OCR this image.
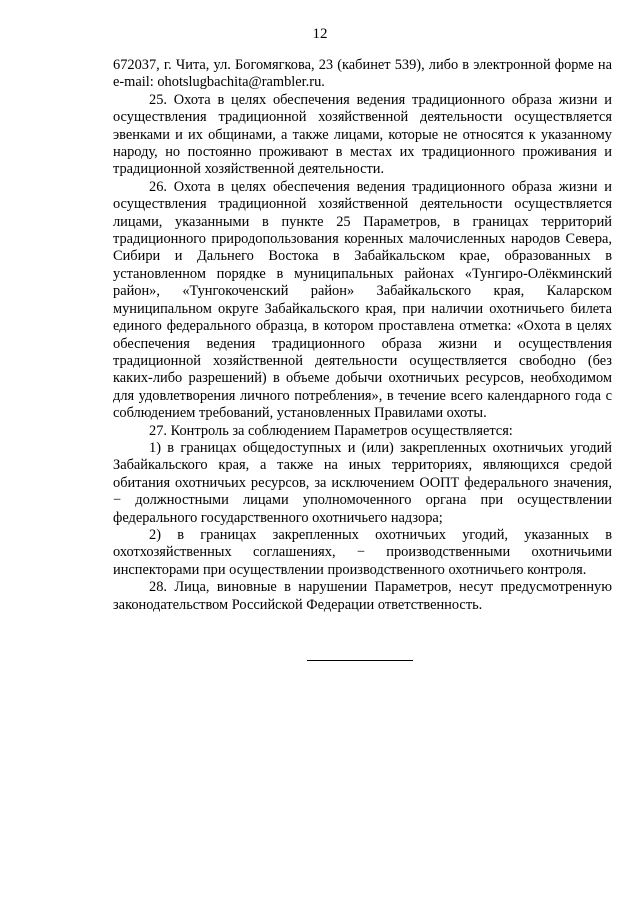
12

672037, г. Чита, ул. Богомягкова, 23 (кабинет 539), либо в электронной форме на e-mail: ohotslugbachita@rambler.ru.

25. Охота в целях обеспечения ведения традиционного образа жизни и осуществления традиционной хозяйственной деятельности осуществляется эвенками и их общинами, а также лицами, которые не относятся к указанному народу, но постоянно проживают в местах их традиционного проживания и традиционной хозяйственной деятельности.

26. Охота в целях обеспечения ведения традиционного образа жизни и осуществления традиционной хозяйственной деятельности осуществляется лицами, указанными в пункте 25 Параметров, в границах территорий традиционного природопользования коренных малочисленных народов Севера, Сибири и Дальнего Востока в Забайкальском крае, образованных в установленном порядке в муниципальных районах «Тунгиро-Олёкминский район», «Тунгокоченский район» Забайкальского края, Каларском муниципальном округе Забайкальского края, при наличии охотничьего билета единого федерального образца, в котором проставлена отметка: «Охота в целях обеспечения ведения традиционного образа жизни и осуществления традиционной хозяйственной деятельности осуществляется свободно (без каких-либо разрешений) в объеме добычи охотничьих ресурсов, необходимом для удовлетворения личного потребления», в течение всего календарного года с соблюдением требований, установленных Правилами охоты.

27. Контроль за соблюдением Параметров осуществляется:

1) в границах общедоступных и (или) закрепленных охотничьих угодий Забайкальского края, а также на иных территориях, являющихся средой обитания охотничьих ресурсов, за исключением ООПТ федерального значения, − должностными лицами уполномоченного органа при осуществлении федерального государственного охотничьего надзора;

2) в границах закрепленных охотничьих угодий, указанных в охотхозяйственных соглашениях, − производственными охотничьими инспекторами при осуществлении производственного охотничьего контроля.

28. Лица, виновные в нарушении Параметров, несут предусмотренную законодательством Российской Федерации ответственность.
